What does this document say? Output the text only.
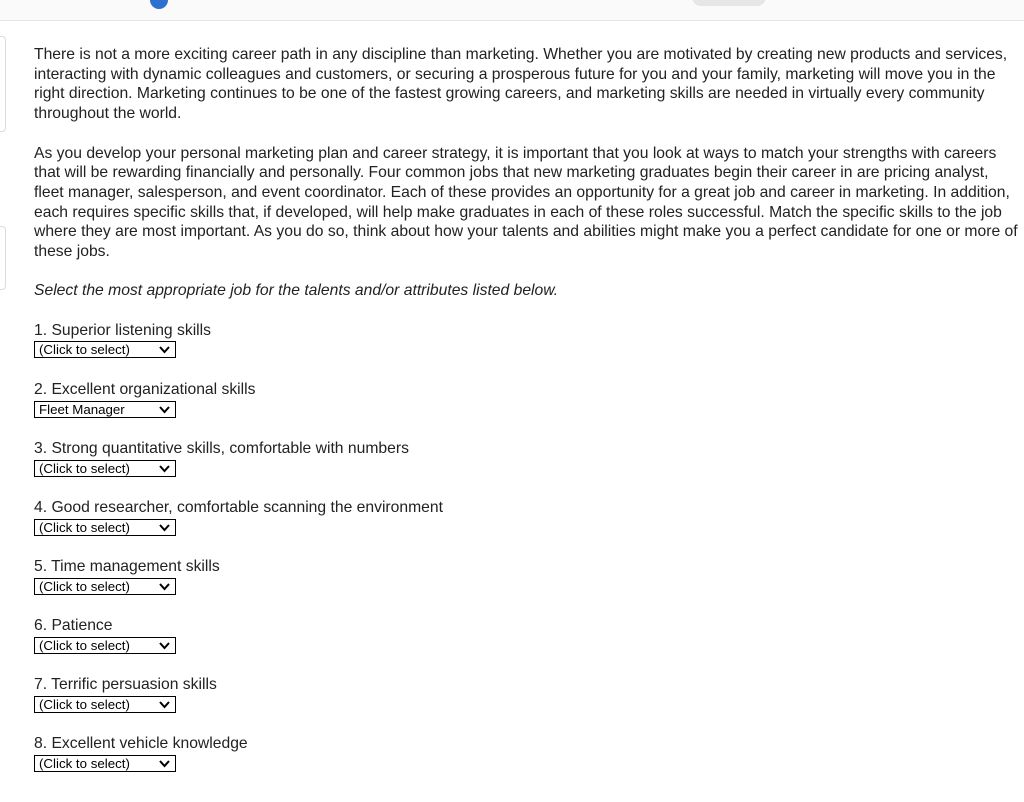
There is not a more exciting career path in any discipline than marketing. Whether you are motivated by creating new products and services, interacting with dynamic colleagues and customers, or securing a prosperous future for you and your family, marketing will move you in the right direction. Marketing continues to be one of the fastest growing careers, and marketing skills are needed in virtually every community throughout the world.

As you develop your personal marketing plan and career strategy, it is important that you look at ways to match your strengths with careers that will be rewarding financially and personally. Four common jobs that new marketing graduates begin their career in are pricing analyst, fleet manager, salesperson, and event coordinator. Each of these provides an opportunity for a great job and career in marketing. In addition, each requires specific skills that, if developed, will help make graduates in each of these roles successful. Match the specific skills to the job where they are most important. As you do so, think about how your talents and abilities might make you a perfect candidate for one or more of these jobs.

Select the most appropriate job for the talents and/or attributes listed below.

1. Superior listening skills
(Click to select)
2. Excellent organizational skills
Fleet Manager
3. Strong quantitative skills, comfortable with numbers
(Click to select)
4. Good researcher, comfortable scanning the environment
(Click to select)
5. Time management skills
(Click to select)
6. Patience
(Click to select)
7. Terrific persuasion skills
(Click to select)
8. Excellent vehicle knowledge
(Click to select)
